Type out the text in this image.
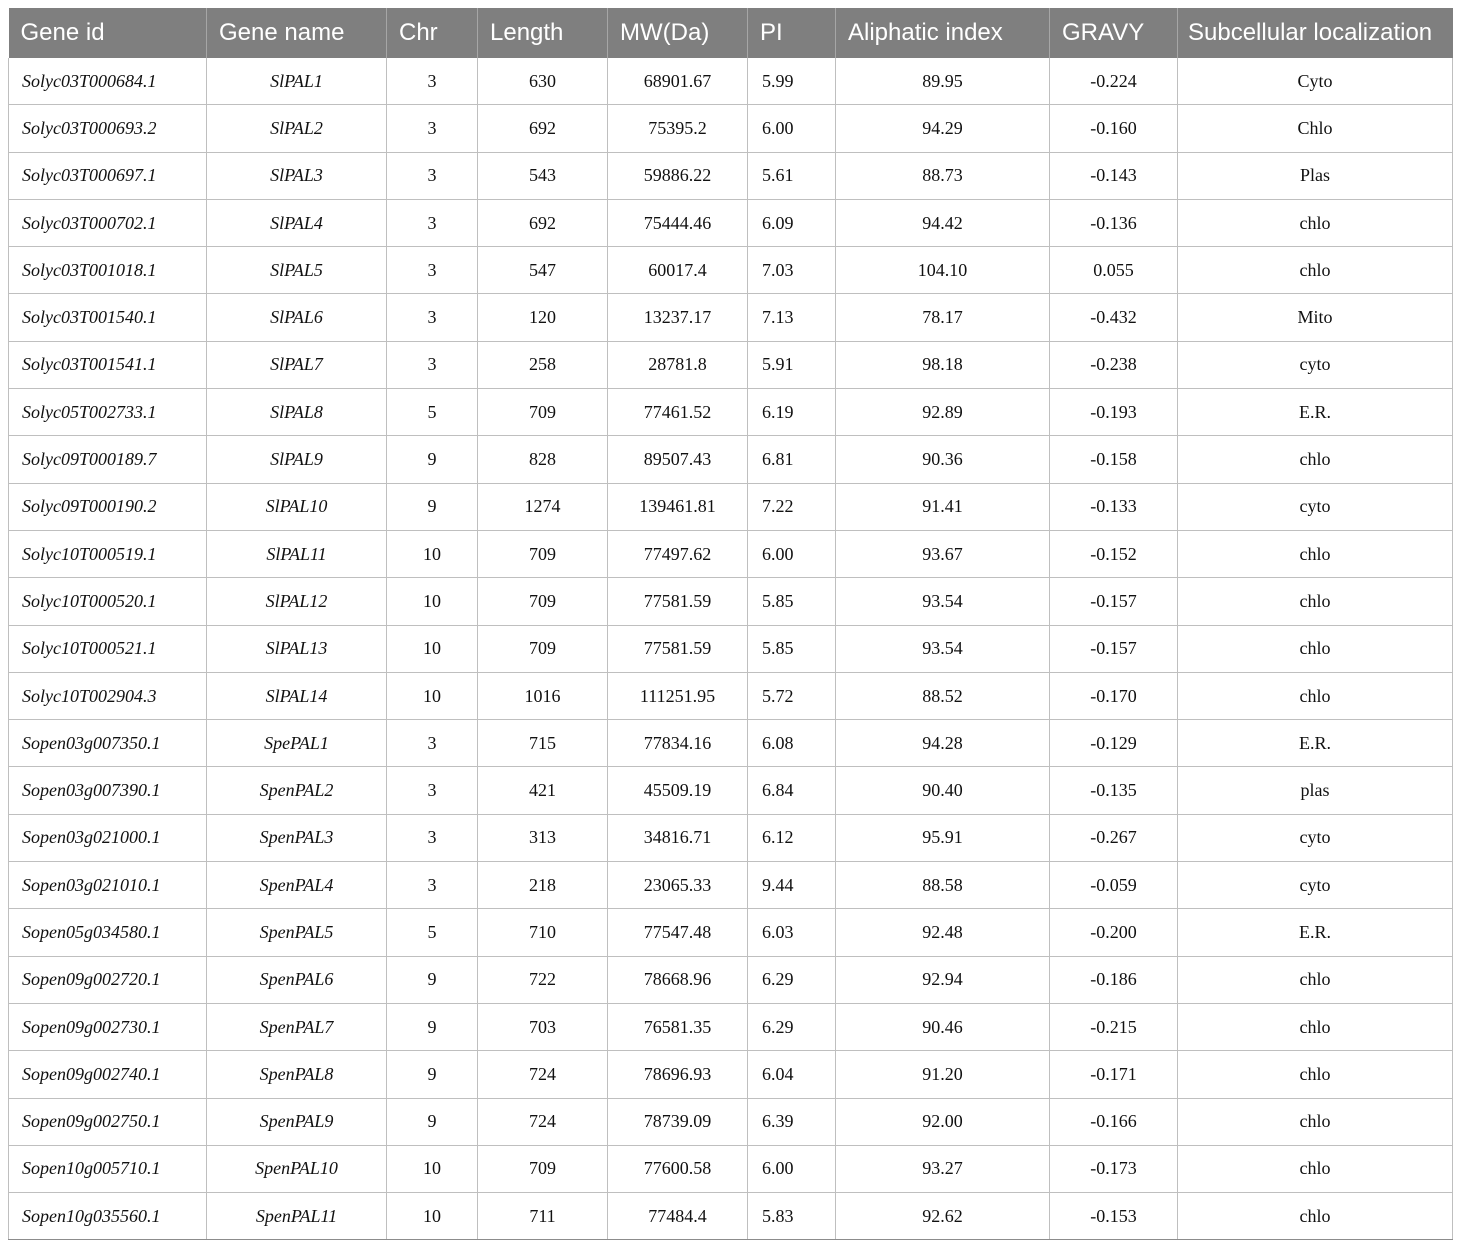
Gene id	Gene name	Chr	Length	MW(Da)	PI	Aliphatic index	GRAVY	Subcellular localization
Solyc03T000684.1	SlPAL1	3	630	68901.67	5.99	89.95	-0.224	Cyto
Solyc03T000693.2	SlPAL2	3	692	75395.2	6.00	94.29	-0.160	Chlo
Solyc03T000697.1	SlPAL3	3	543	59886.22	5.61	88.73	-0.143	Plas
Solyc03T000702.1	SlPAL4	3	692	75444.46	6.09	94.42	-0.136	chlo
Solyc03T001018.1	SlPAL5	3	547	60017.4	7.03	104.10	0.055	chlo
Solyc03T001540.1	SlPAL6	3	120	13237.17	7.13	78.17	-0.432	Mito
Solyc03T001541.1	SlPAL7	3	258	28781.8	5.91	98.18	-0.238	cyto
Solyc05T002733.1	SlPAL8	5	709	77461.52	6.19	92.89	-0.193	E.R.
Solyc09T000189.7	SlPAL9	9	828	89507.43	6.81	90.36	-0.158	chlo
Solyc09T000190.2	SlPAL10	9	1274	139461.81	7.22	91.41	-0.133	cyto
Solyc10T000519.1	SlPAL11	10	709	77497.62	6.00	93.67	-0.152	chlo
Solyc10T000520.1	SlPAL12	10	709	77581.59	5.85	93.54	-0.157	chlo
Solyc10T000521.1	SlPAL13	10	709	77581.59	5.85	93.54	-0.157	chlo
Solyc10T002904.3	SlPAL14	10	1016	111251.95	5.72	88.52	-0.170	chlo
Sopen03g007350.1	SpePAL1	3	715	77834.16	6.08	94.28	-0.129	E.R.
Sopen03g007390.1	SpenPAL2	3	421	45509.19	6.84	90.40	-0.135	plas
Sopen03g021000.1	SpenPAL3	3	313	34816.71	6.12	95.91	-0.267	cyto
Sopen03g021010.1	SpenPAL4	3	218	23065.33	9.44	88.58	-0.059	cyto
Sopen05g034580.1	SpenPAL5	5	710	77547.48	6.03	92.48	-0.200	E.R.
Sopen09g002720.1	SpenPAL6	9	722	78668.96	6.29	92.94	-0.186	chlo
Sopen09g002730.1	SpenPAL7	9	703	76581.35	6.29	90.46	-0.215	chlo
Sopen09g002740.1	SpenPAL8	9	724	78696.93	6.04	91.20	-0.171	chlo
Sopen09g002750.1	SpenPAL9	9	724	78739.09	6.39	92.00	-0.166	chlo
Sopen10g005710.1	SpenPAL10	10	709	77600.58	6.00	93.27	-0.173	chlo
Sopen10g035560.1	SpenPAL11	10	711	77484.4	5.83	92.62	-0.153	chlo
